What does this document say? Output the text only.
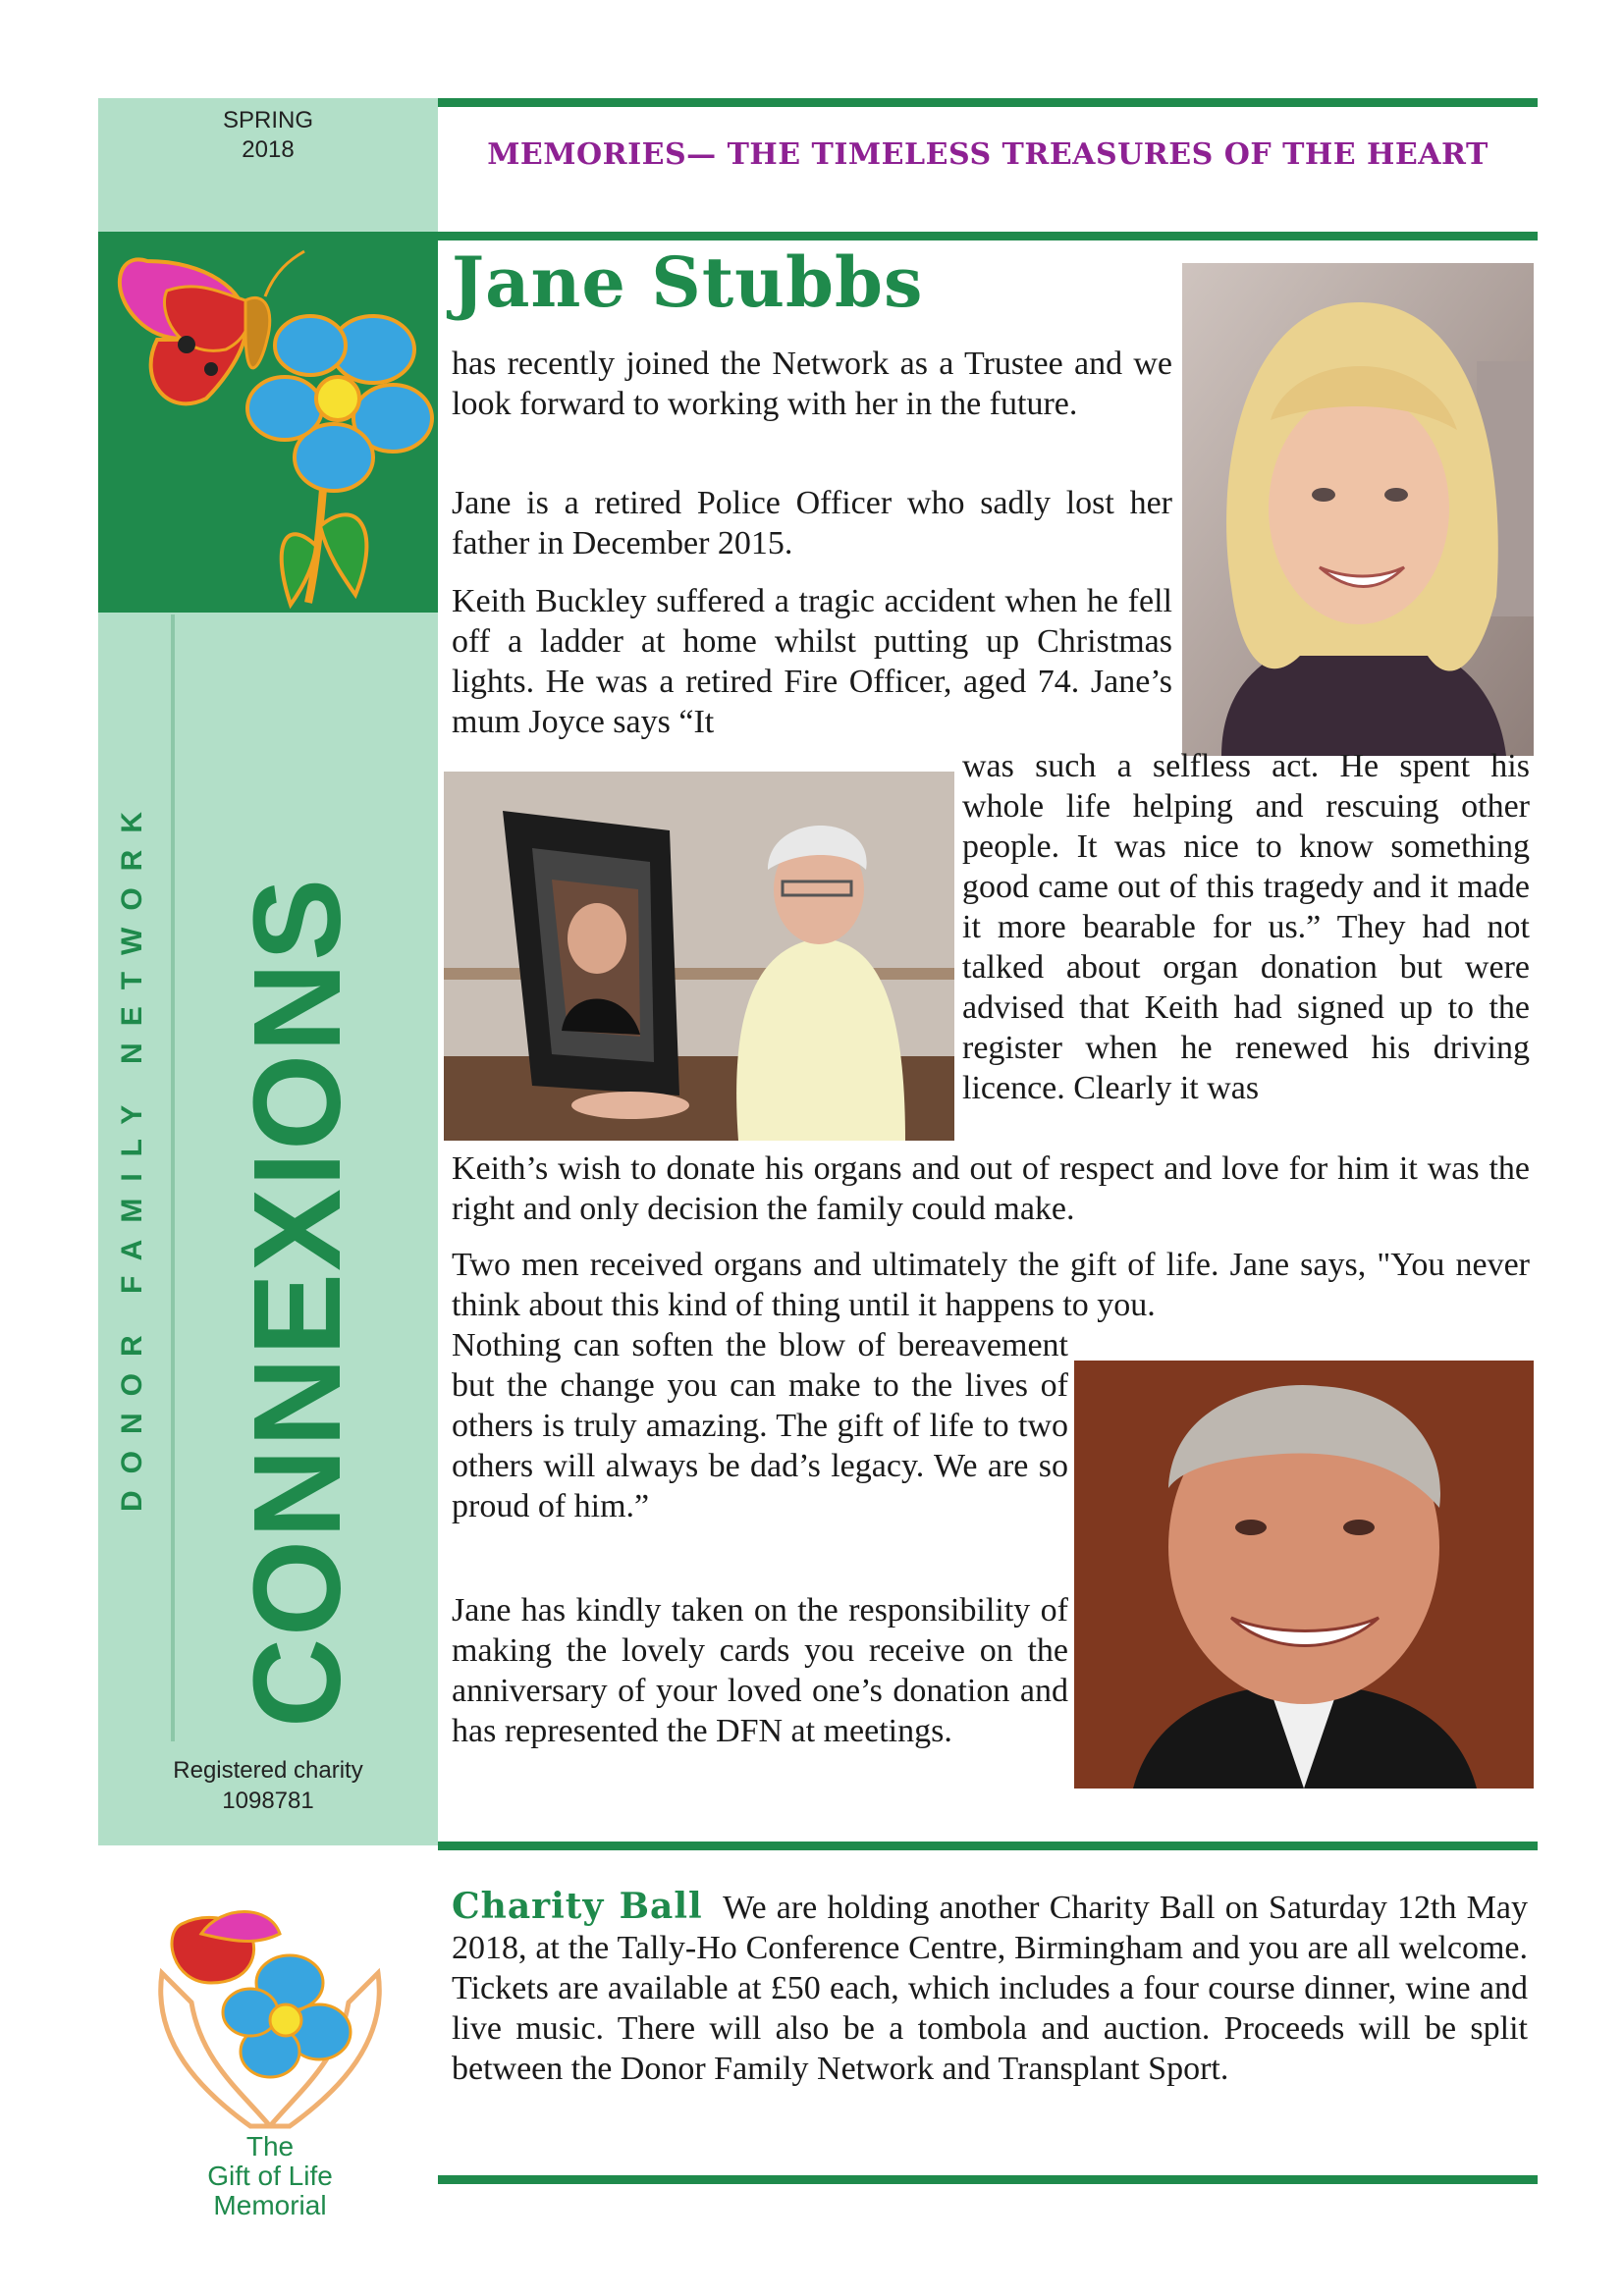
SPRING
2018
DONOR FAMILY NETWORK CONNEXIONS
Registered charity
1098781
MEMORIES— THE TIMELESS TREASURES OF THE HEART
Jane Stubbs

has recently joined the Network as a Trustee and we look forward to working with her in the future.

Jane is a retired Police Officer who sadly lost her father in December 2015.

Keith Buckley suffered a tragic accident when he fell off a ladder at home whilst putting up Christmas lights. He was a retired Fire Officer, aged 74. Jane’s mum Joyce says “It

was such a selfless act. He spent his whole life helping and rescuing other people. It was nice to know something good came out of this tragedy and it made it more bearable for us.” They had not talked about organ donation but were advised that Keith had signed up to the register when he renewed his driving licence. Clearly it was

Keith’s wish to donate his organs and out of respect and love for him it was the right and only decision the family could make.

Two men received organs and ultimately the gift of life. Jane says, "You never think about this kind of thing until it happens to you.

Nothing can soften the blow of bereavement but the change you can make to the lives of others is truly amazing. The gift of life to two others will always be dad’s legacy. We are so proud of him.”

Jane has kindly taken on the responsibility of making the lovely cards you receive on the anniversary of your loved one’s donation and has represented the DFN at meetings.

The
Gift of Life
Memorial
Charity Ball We are holding another Charity Ball on Saturday 12th May 2018, at the Tally-Ho Conference Centre, Birmingham and you are all welcome. Tickets are available at £50 each, which includes a four course dinner, wine and live music. There will also be a tombola and auction. Proceeds will be split between the Donor Family Network and Transplant Sport.
